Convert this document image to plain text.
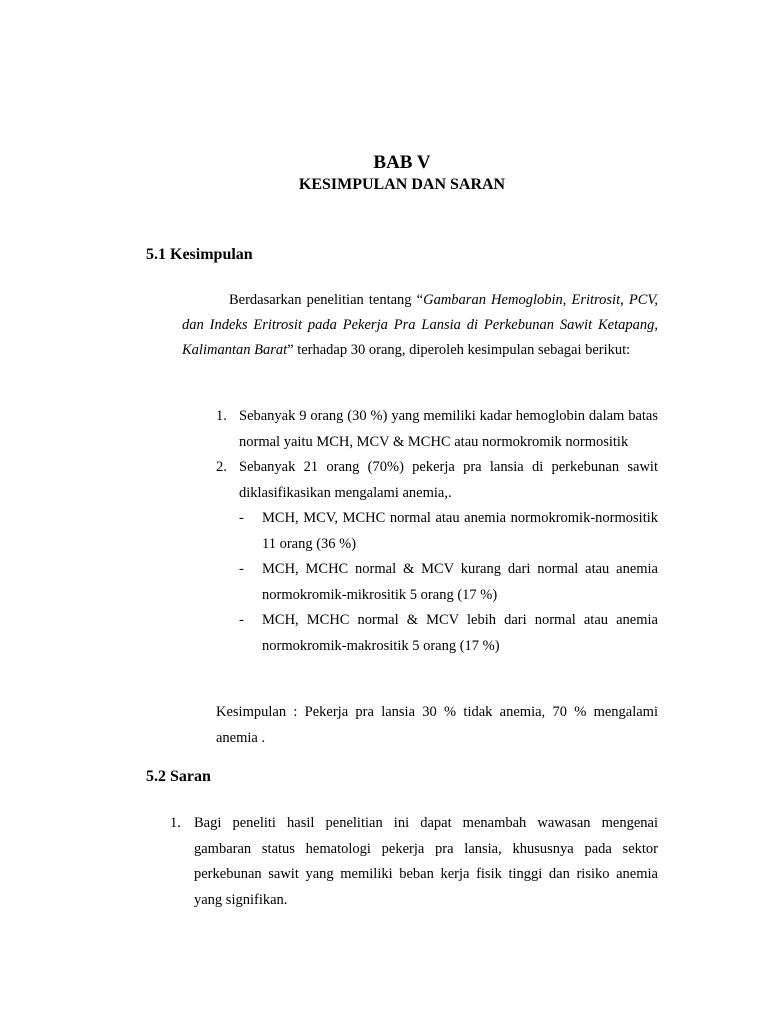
BAB V
KESIMPULAN DAN SARAN
5.1 Kesimpulan
Berdasarkan penelitian tentang “Gambaran Hemoglobin, Eritrosit, PCV, dan Indeks Eritrosit pada Pekerja Pra Lansia di Perkebunan Sawit Ketapang, Kalimantan Barat” terhadap 30 orang, diperoleh kesimpulan sebagai berikut:
1. Sebanyak 9 orang (30 %) yang memiliki kadar hemoglobin dalam batas normal yaitu MCH, MCV & MCHC atau normokromik normositik
2. Sebanyak 21 orang (70%) pekerja pra lansia di perkebunan sawit diklasifikasikan mengalami anemia,.
- MCH, MCV, MCHC normal atau anemia normokromik-normositik 11 orang (36 %)
- MCH, MCHC normal & MCV kurang dari normal atau anemia normokromik-mikrositik 5 orang (17 %)
- MCH, MCHC normal & MCV lebih dari normal atau anemia normokromik-makrositik 5 orang (17 %)
Kesimpulan : Pekerja pra lansia 30 % tidak anemia, 70 % mengalami anemia .
5.2 Saran
1. Bagi peneliti hasil penelitian ini dapat menambah wawasan mengenai gambaran status hematologi pekerja pra lansia, khususnya pada sektor perkebunan sawit yang memiliki beban kerja fisik tinggi dan risiko anemia yang signifikan.
